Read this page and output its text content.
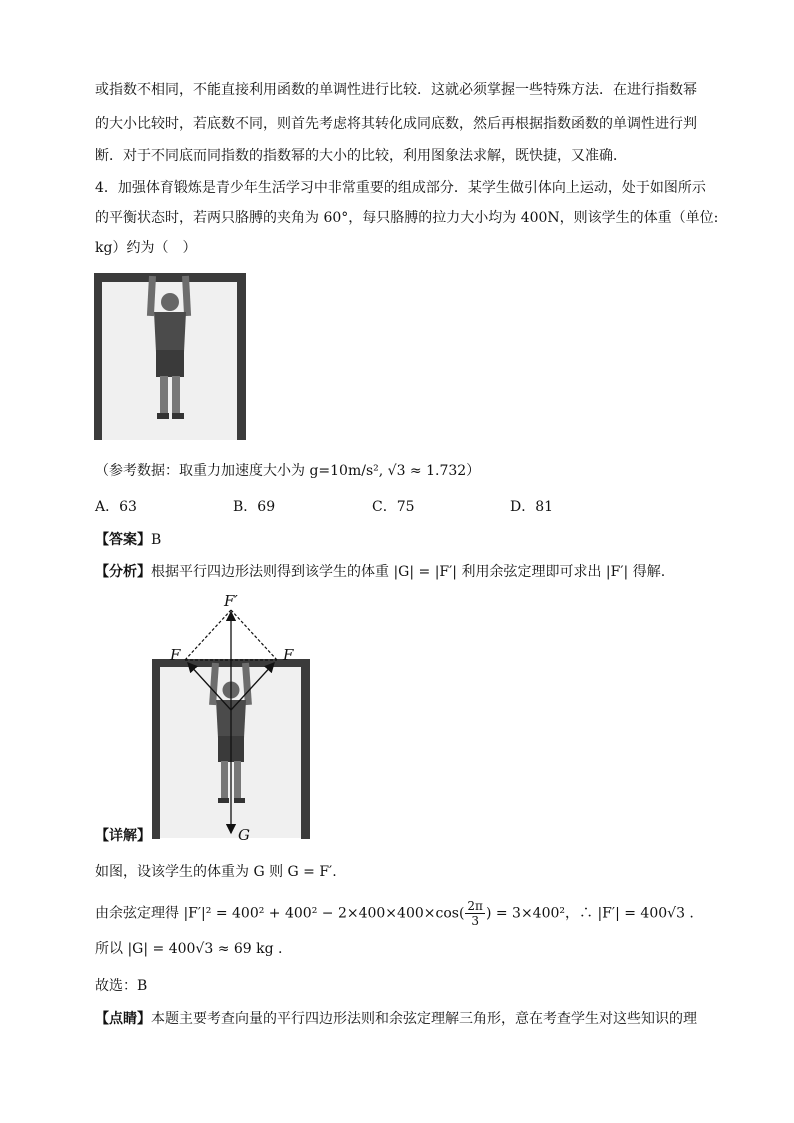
或指数不相同，不能直接利用函数的单调性进行比较．这就必须掌握一些特殊方法．在进行指数幂
的大小比较时，若底数不同，则首先考虑将其转化成同底数，然后再根据指数函数的单调性进行判
断．对于不同底而同指数的指数幂的大小的比较，利用图象法求解，既快捷，又准确．
4．加强体育锻炼是青少年生活学习中非常重要的组成部分．某学生做引体向上运动，处于如图所示
的平衡状态时，若两只胳膊的夹角为 60°，每只胳膊的拉力大小均为 400N，则该学生的体重（单位:
kg）约为（　）
（参考数据：取重力加速度大小为 g=10m/s², √3 ≈ 1.732）
A．63	B．69	C．75	D．81
【答案】B
【分析】根据平行四边形法则得到该学生的体重 |G| = |F′| 利用余弦定理即可求出 |F′| 得解.
F′
F	F
G
【详解】
如图，设该学生的体重为 G 则 G = F′.
由余弦定理得 $|F'|^2 = 400^2 + 400^2 - 2\times 400\times 400\times\cos( \frac{2\pi}{3}$ ) = 3×400²，∴ |F′| = 400√3 .
所以 |G| = 400√3 ≈ 69 kg .
故选：B
【点睛】本题主要考查向量的平行四边形法则和余弦定理解三角形，意在考查学生对这些知识的理
